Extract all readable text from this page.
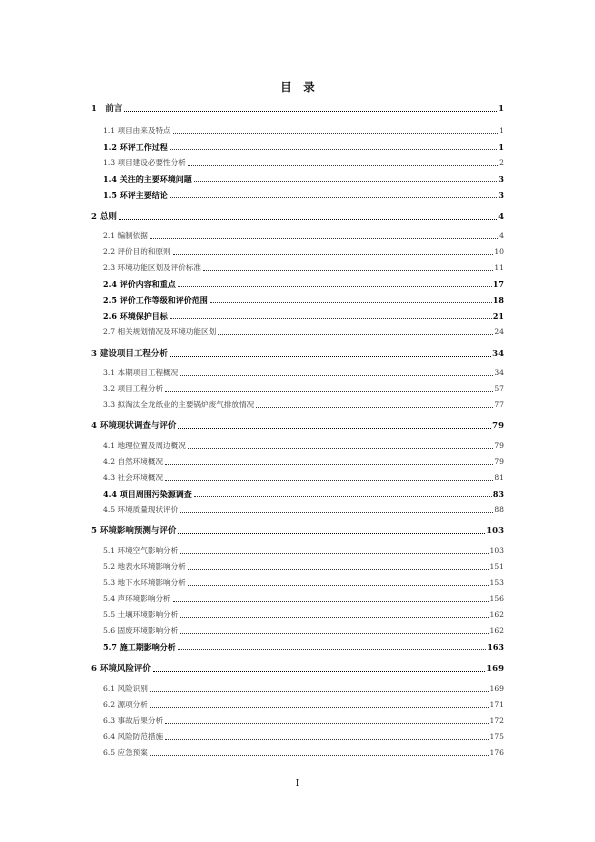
目　录
1　前言	1
1.1 项目由来及特点	1
1.2 环评工作过程	1
1.3 项目建设必要性分析	2
1.4 关注的主要环境问题	3
1.5 环评主要结论	3
2 总则	4
2.1 编制依据	4
2.2 评价目的和原则	10
2.3 环境功能区划及评价标准	11
2.4 评价内容和重点	17
2.5 评价工作等级和评价范围	18
2.6 环境保护目标	21
2.7 相关规划情况及环境功能区划	24
3 建设项目工程分析	34
3.1 本期项目工程概况	34
3.2 项目工程分析	57
3.3 拟淘汰全龙纸业的主要锅炉废气排放情况	77
4 环境现状调查与评价	79
4.1 地理位置及周边概况	79
4.2 自然环境概况	79
4.3 社会环境概况	81
4.4 项目周围污染源调查	83
4.5 环境质量现状评价	88
5 环境影响预测与评价	103
5.1 环境空气影响分析	103
5.2 地表水环境影响分析	151
5.3 地下水环境影响分析	153
5.4 声环境影响分析	156
5.5 土壤环境影响分析	162
5.6 固废环境影响分析	162
5.7 施工期影响分析	163
6 环境风险评价	169
6.1 风险识别	169
6.2 源项分析	171
6.3 事故后果分析	172
6.4 风险防范措施	175
6.5 应急预案	176
I
